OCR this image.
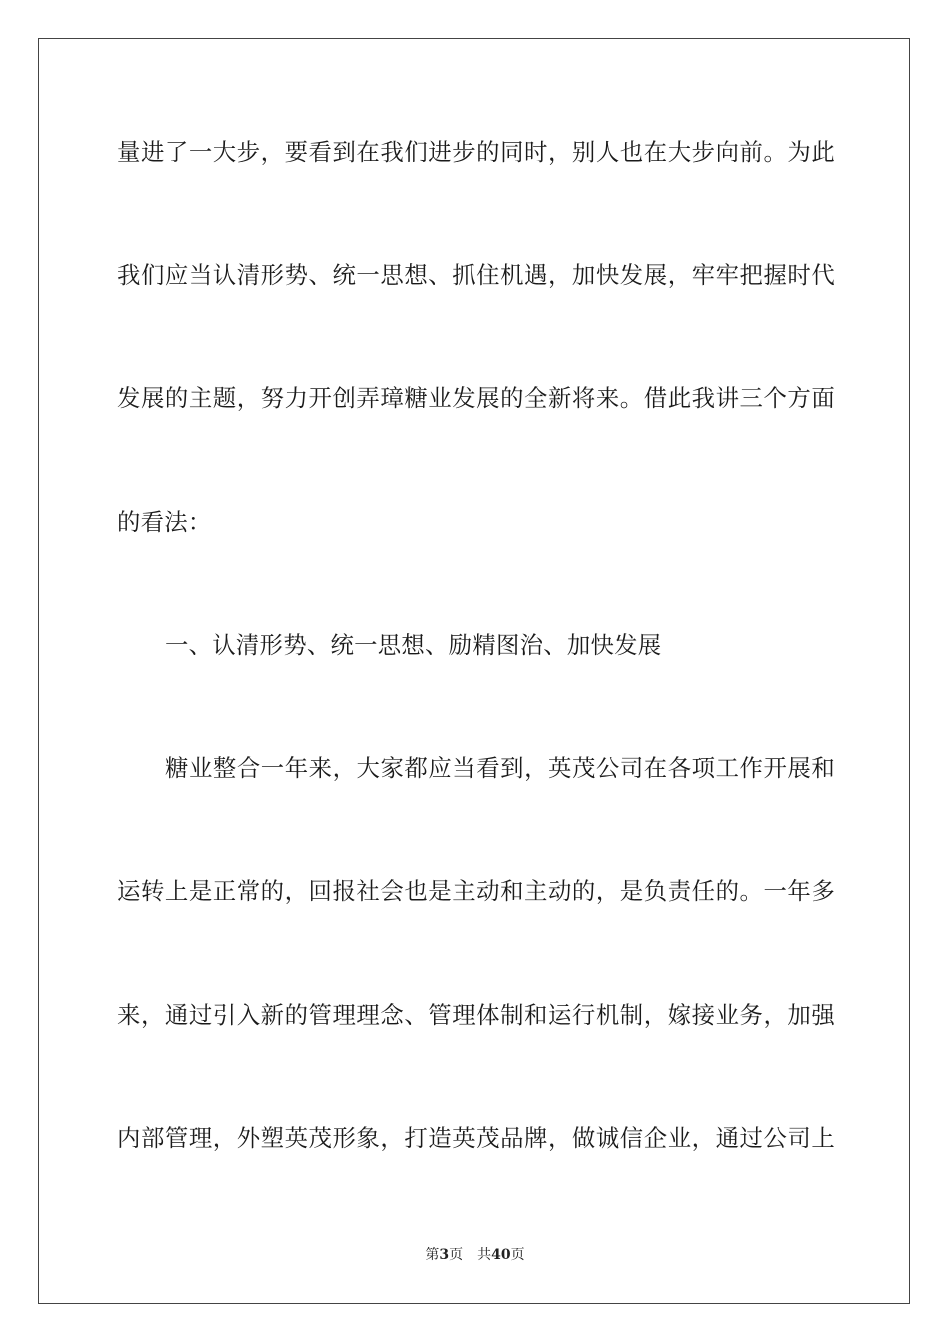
量进了一大步，要看到在我们进步的同时，别人也在大步向前。为此
我们应当认清形势、统一思想、抓住机遇，加快发展，牢牢把握时代
发展的主题，努力开创弄璋糖业发展的全新将来。借此我讲三个方面
的看法：
一、认清形势、统一思想、励精图治、加快发展
糖业整合一年来，大家都应当看到，英茂公司在各项工作开展和
运转上是正常的，回报社会也是主动和主动的，是负责任的。一年多
来，通过引入新的管理理念、管理体制和运行机制，嫁接业务，加强
内部管理，外塑英茂形象，打造英茂品牌，做诚信企业，通过公司上
第3页 共40页
